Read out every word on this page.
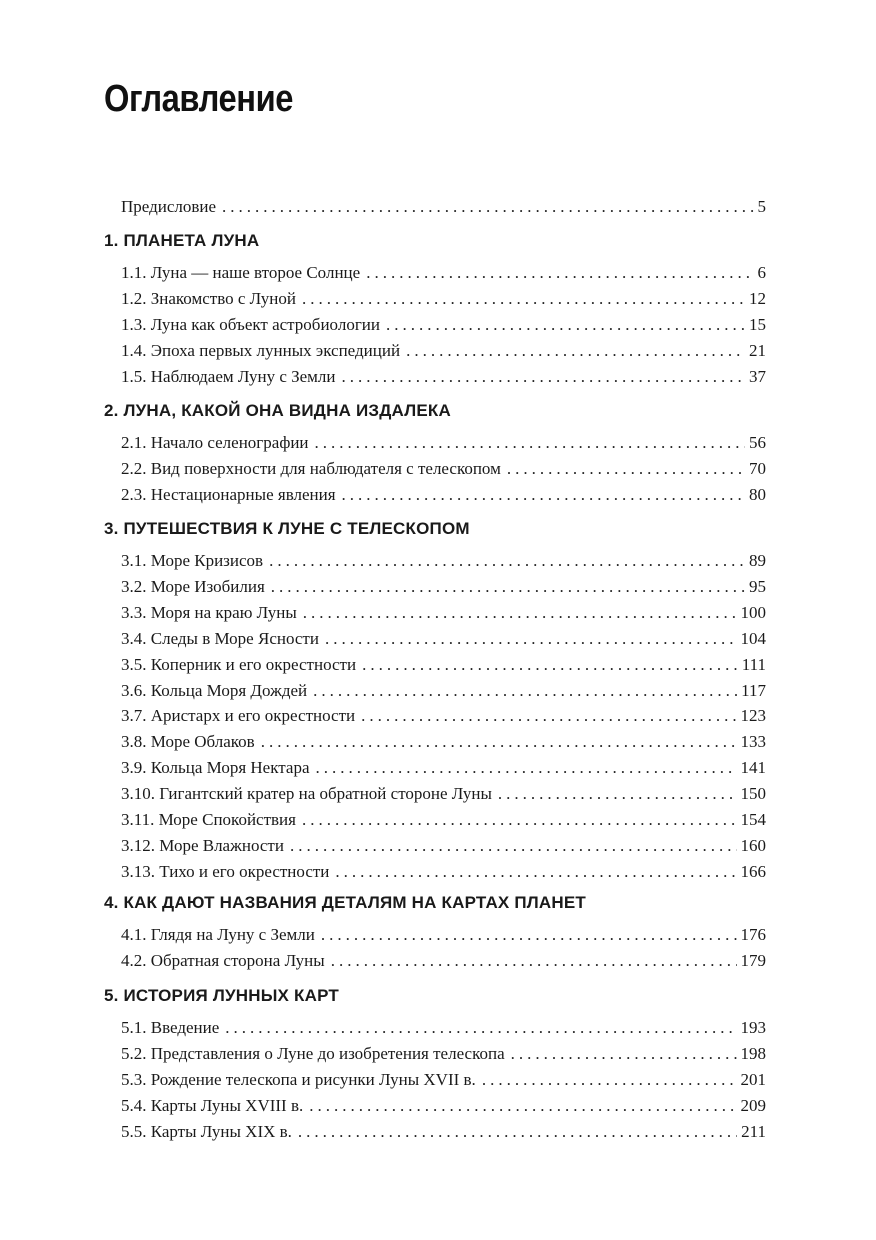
Оглавление
Предисловие .....	5
1. ПЛАНЕТА ЛУНА
1.1. Луна — наше второе Солнце .....	6
1.2. Знакомство с Луной .....	12
1.3. Луна как объект астробиологии .....	15
1.4. Эпоха первых лунных экспедиций .....	21
1.5. Наблюдаем Луну с Земли .....	37
2. ЛУНА, КАКОЙ ОНА ВИДНА ИЗДАЛЕКА
2.1. Начало селенографии .....	56
2.2. Вид поверхности для наблюдателя с телескопом .....	70
2.3. Нестационарные явления .....	80
3. ПУТЕШЕСТВИЯ К ЛУНЕ С ТЕЛЕСКОПОМ
3.1. Море Кризисов .....	89
3.2. Море Изобилия .....	95
3.3. Моря на краю Луны .....	100
3.4. Следы в Море Ясности .....	104
3.5. Коперник и его окрестности .....	111
3.6. Кольца Моря Дождей .....	117
3.7. Аристарх и его окрестности .....	123
3.8. Море Облаков .....	133
3.9. Кольца Моря Нектара .....	141
3.10. Гигантский кратер на обратной стороне Луны .....	150
3.11. Море Спокойствия .....	154
3.12. Море Влажности .....	160
3.13. Тихо и его окрестности .....	166
4. КАК ДАЮТ НАЗВАНИЯ ДЕТАЛЯМ НА КАРТАХ ПЛАНЕТ
4.1. Глядя на Луну с Земли .....	176
4.2. Обратная сторона Луны .....	179
5. ИСТОРИЯ ЛУННЫХ КАРТ
5.1. Введение .....	193
5.2. Представления о Луне до изобретения телескопа .....	198
5.3. Рождение телескопа и рисунки Луны XVII в. .....	201
5.4. Карты Луны XVIII в. .....	209
5.5. Карты Луны XIX в. .....	211
